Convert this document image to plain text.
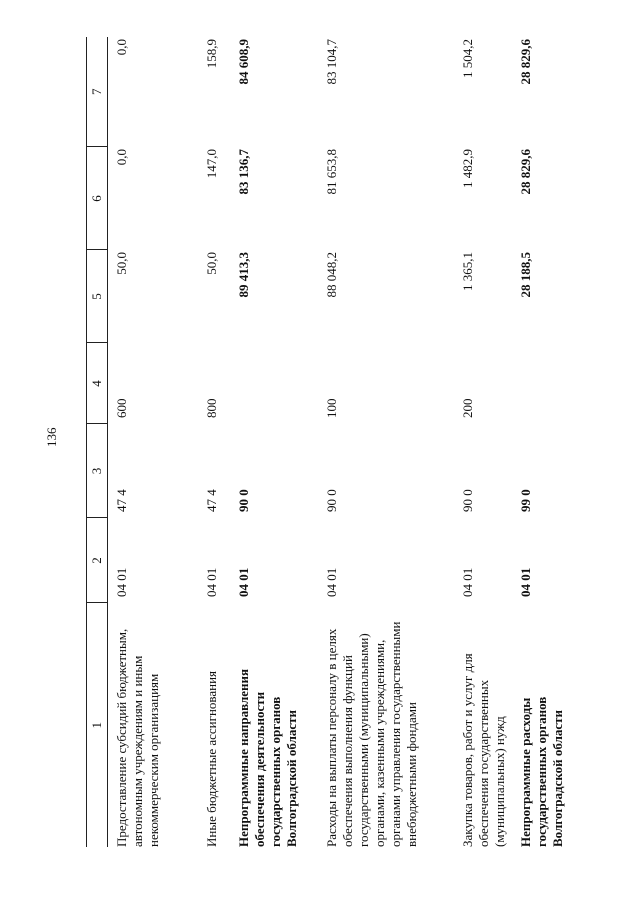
136
1	2	3	4	5	6	7
Предоставление субсидий бюджетным, автономным учреждениям и иным некоммерческим организациям	04 01	47 4	600	50,0	0,0	0,0
Иные бюджетные ассигнования	04 01	47 4	800	50,0	147,0	158,9
Непрограммные направления обеспечения деятельности государственных органов Волгоградской области	04 01	90 0		89 413,3	83 136,7	84 608,9
Расходы на выплаты персоналу в целях обеспечения выполнения функций государственными (муниципальными) органами, казенными учреждениями, органами управления государственными внебюджетными фондами	04 01	90 0	100	88 048,2	81 653,8	83 104,7
Закупка товаров, работ и услуг для обеспечения государственных (муниципальных) нужд	04 01	90 0	200	1 365,1	1 482,9	1 504,2
Непрограммные расходы государственных органов Волгоградской области	04 01	99 0		28 188,5	28 829,6	28 829,6
